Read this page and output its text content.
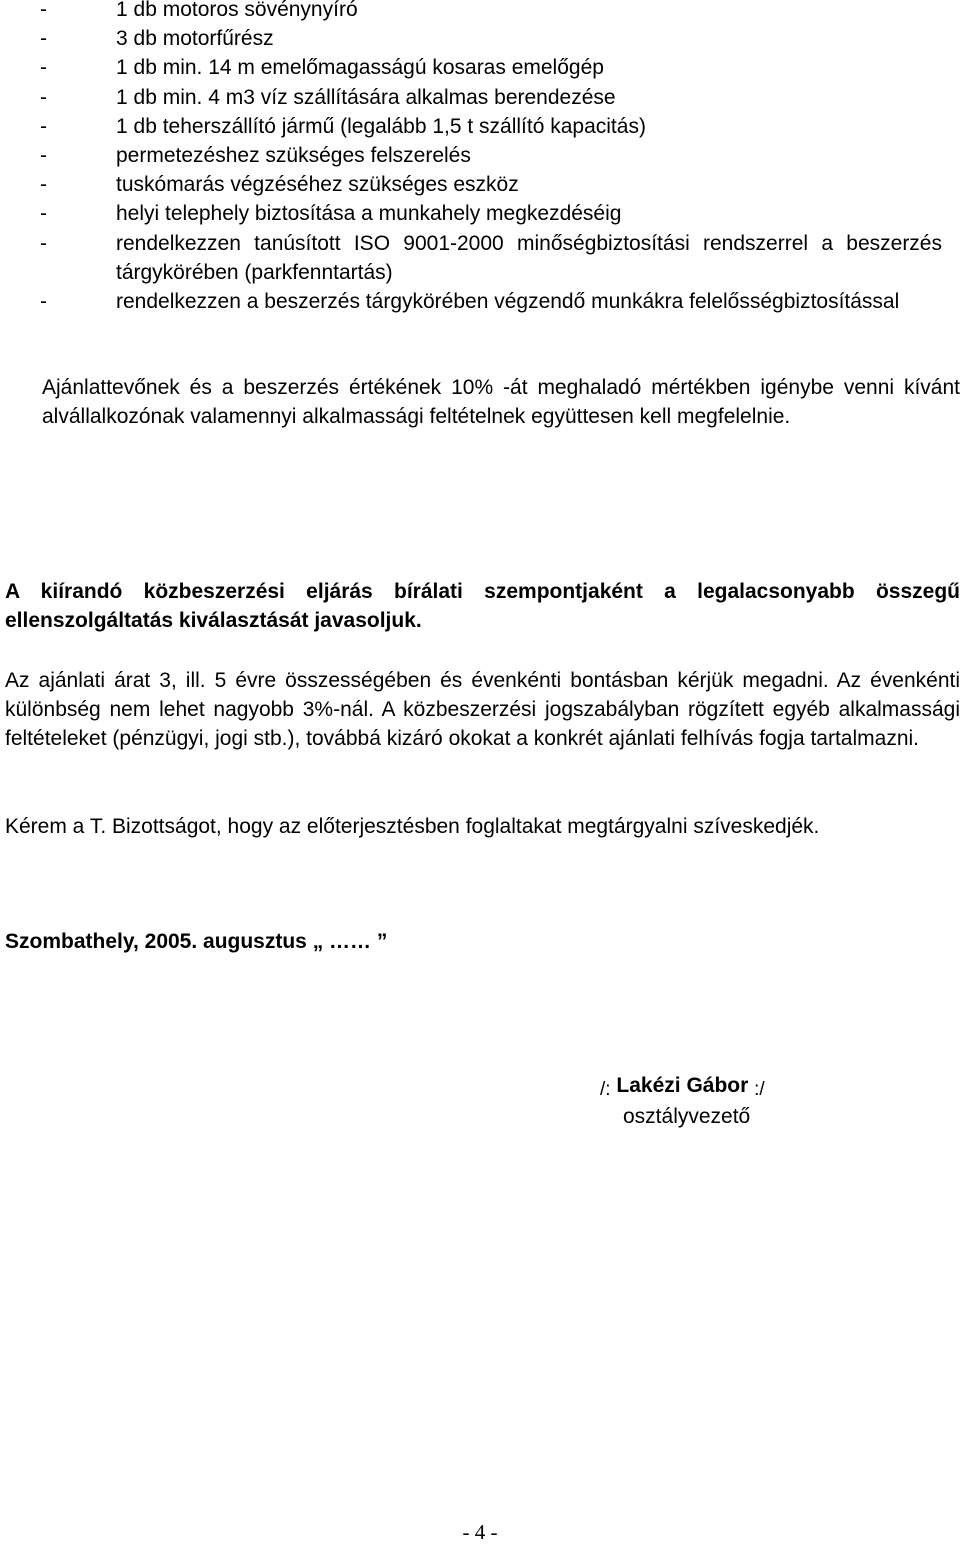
-	1 db motoros sövénynyíró
-	3 db motorfűrész
-	1 db min. 14 m emelőmagasságú kosaras emelőgép
-	1 db min. 4 m3 víz szállítására alkalmas berendezése
-	1 db teherszállító jármű (legalább 1,5 t szállító kapacitás)
-	permetezéshez szükséges felszerelés
-	tuskómarás végzéséhez szükséges eszköz
-	helyi telephely biztosítása a munkahely megkezdéséig
-	rendelkezzen tanúsított ISO 9001-2000 minőségbiztosítási rendszerrel a beszerzés tárgykörében (parkfenntartás)
-	rendelkezzen a beszerzés tárgykörében végzendő munkákra felelősségbiztosítással

Ajánlattevőnek és a beszerzés értékének 10% -át meghaladó mértékben igénybe venni kívánt alvállalkozónak valamennyi alkalmassági feltételnek együttesen kell megfelelnie.

A kiírandó közbeszerzési eljárás bírálati szempontjaként a legalacsonyabb összegű ellenszolgáltatás kiválasztását javasoljuk.

Az ajánlati árat 3, ill. 5 évre összességében és évenkénti bontásban kérjük megadni. Az évenkénti különbség nem lehet nagyobb 3%-nál. A közbeszerzési jogszabályban rögzített egyéb alkalmassági feltételeket (pénzügyi, jogi stb.), továbbá kizáró okokat a konkrét ajánlati felhívás fogja tartalmazni.

Kérem a T. Bizottságot, hogy az előterjesztésben foglaltakat megtárgyalni szíveskedjék.

Szombathely, 2005. augusztus „ …… ”

/: Lakézi Gábor :/

osztályvezető

- 4 -
